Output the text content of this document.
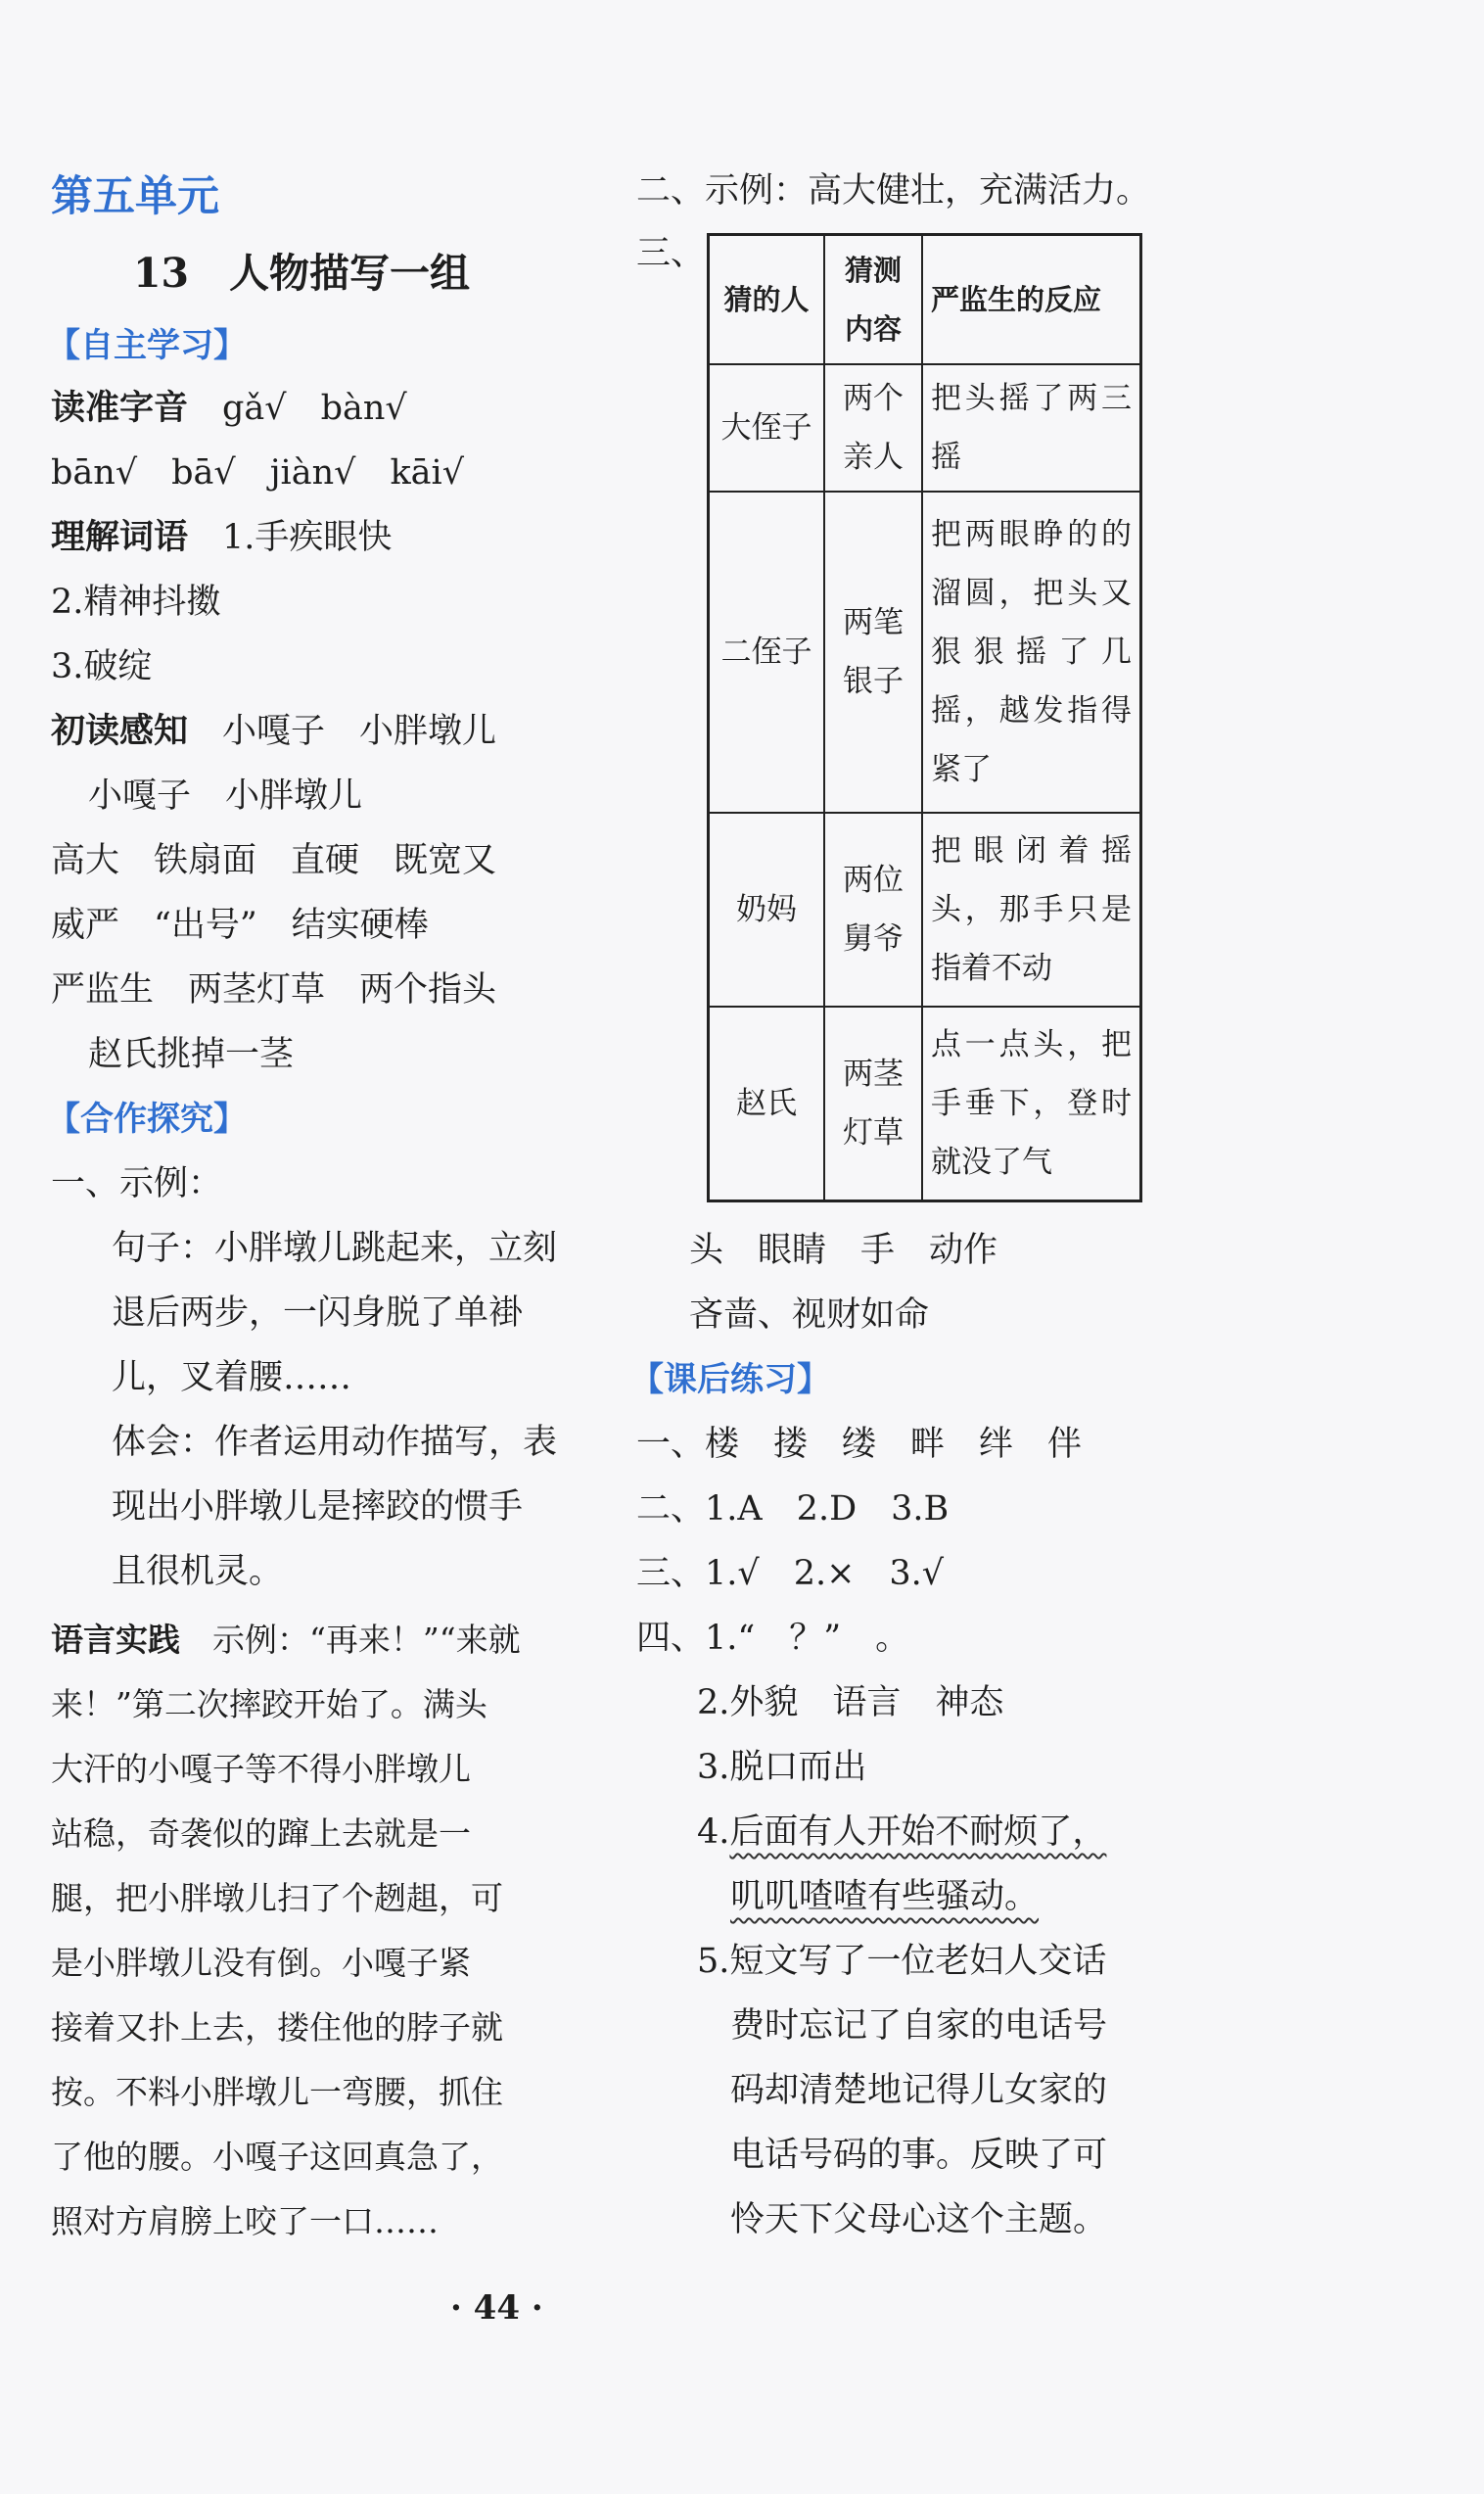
第五单元
13　人物描写一组
【自主学习】
读准字音　 gǎ√　bàn√
bān√　bā√　jiàn√　kāi√
理解词语　 1.手疾眼快
2.精神抖擞
3.破绽
初读感知　 小嘎子　小胖墩儿
小嘎子　小胖墩儿
高大　铁扇面　直硬　既宽又
威严　“出号”　结实硬棒
严监生　两茎灯草　两个指头
赵氏挑掉一茎
【合作探究】
一、示例：
句子：小胖墩儿跳起来，立刻
退后两步，一闪身脱了单褂
儿，叉着腰……
体会：作者运用动作描写，表
现出小胖墩儿是摔跤的惯手
且很机灵。
语言实践　 示例：“再来！”“来就
来！”第二次摔跤开始了。满头
大汗的小嘎子等不得小胖墩儿
站稳，奇袭似的蹿上去就是一
腿，把小胖墩儿扫了个趔趄，可
是小胖墩儿没有倒。小嘎子紧
接着又扑上去，搂住他的脖子就
按。不料小胖墩儿一弯腰，抓住
了他的腰。小嘎子这回真急了，
照对方肩膀上咬了一口……
二、示例：高大健壮，充满活力。
三、
猜的人	猜测内容	严监生的反应
大侄子	两个亲人	把头摇了两三摇
二侄子	两笔银子	把两眼睁的的溜圆，把头又狠狠摇了几摇，越发指得紧了
奶妈	两位舅爷	把眼闭着摇头，那手只是指着不动
赵氏	两茎灯草	点一点头，把手垂下，登时就没了气
头　眼睛　手　动作
吝啬、视财如命
【课后练习】
一、楼　搂　缕　畔　绊　伴
二、1.A　2.D　3.B
三、1.√　2.×　3.√
四、1.“　？”　。
2.外貌　语言　神态
3.脱口而出
4.后面有人开始不耐烦了，
叽叽喳喳有些骚动。
5.短文写了一位老妇人交话
费时忘记了自家的电话号
码却清楚地记得儿女家的
电话号码的事。反映了可
怜天下父母心这个主题。
· 44 ·
